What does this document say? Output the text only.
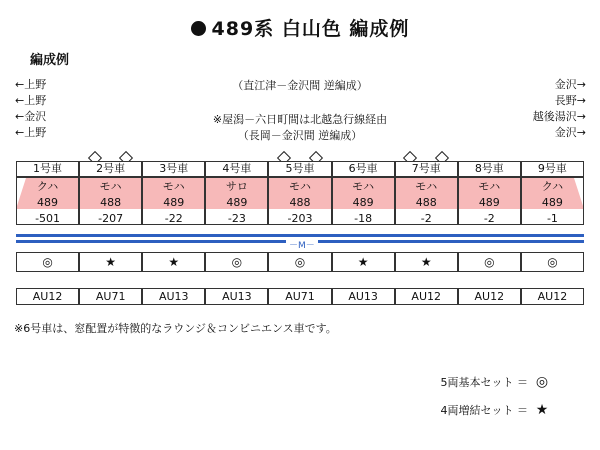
489系 白山色 編成例
編成例
←上野
←上野
←金沢
←上野
金沢→
長野→
越後湯沢→
金沢→
（直江津－金沢間 逆編成）
※屋潟－六日町間は北越急行線経由
（長岡－金沢間 逆編成）
－M－
1号車
クハ
489
-501
◎
AU12
2号車
モハ
488
-207
★
AU71
3号車
モハ
489
-22
★
AU13
4号車
サロ
489
-23
◎
AU13
5号車
モハ
488
-203
◎
AU71
6号車
モハ
489
-18
★
AU13
7号車
モハ
488
-2
★
AU12
8号車
モハ
489
-2
◎
AU12
9号車
クハ
489
-1
◎
AU12
※6号車は、窓配置が特徴的なラウンジ＆コンビニエンス車です。
5両基本セット ＝ ◎
4両増結セット ＝ ★
